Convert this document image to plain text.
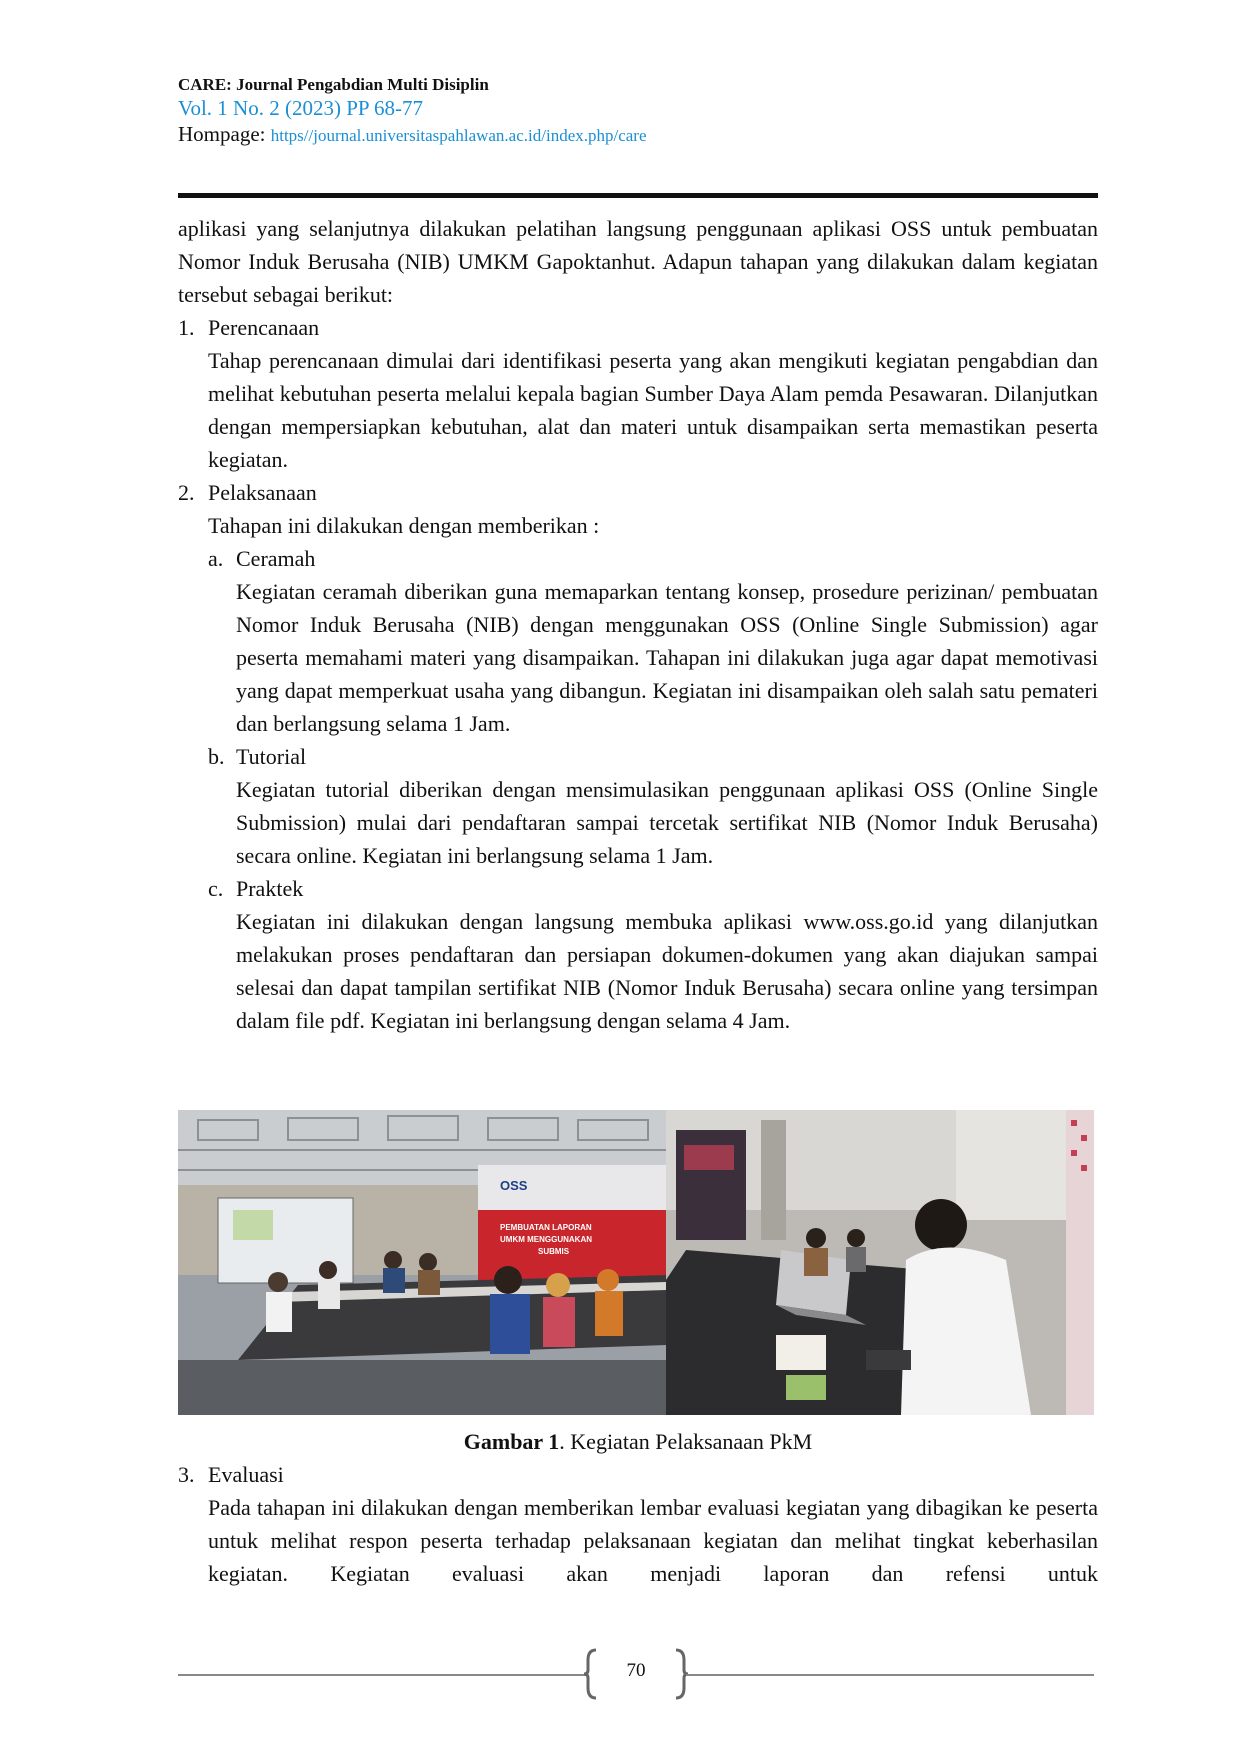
CARE: Journal Pengabdian Multi Disiplin
Vol. 1 No. 2 (2023) PP 68-77
Hompage: https//journal.universitaspahlawan.ac.id/index.php/care

aplikasi yang selanjutnya dilakukan pelatihan langsung penggunaan aplikasi OSS untuk pembuatan Nomor Induk Berusaha (NIB) UMKM Gapoktanhut. Adapun tahapan yang dilakukan dalam kegiatan tersebut sebagai berikut:

1. Perencanaan

Tahap perencanaan dimulai dari identifikasi peserta yang akan mengikuti kegiatan pengabdian dan melihat kebutuhan peserta melalui kepala bagian Sumber Daya Alam pemda Pesawaran. Dilanjutkan dengan mempersiapkan kebutuhan, alat dan materi untuk disampaikan serta memastikan peserta kegiatan.

2. Pelaksanaan

Tahapan ini dilakukan dengan memberikan :

a. Ceramah

Kegiatan ceramah diberikan guna memaparkan tentang konsep, prosedure perizinan/ pembuatan Nomor Induk Berusaha (NIB) dengan menggunakan OSS (Online Single Submission) agar peserta memahami materi yang disampaikan. Tahapan ini dilakukan juga agar dapat memotivasi yang dapat memperkuat usaha yang dibangun. Kegiatan ini disampaikan oleh salah satu pemateri dan berlangsung selama 1 Jam.

b. Tutorial

Kegiatan tutorial diberikan dengan mensimulasikan penggunaan aplikasi OSS (Online Single Submission) mulai dari pendaftaran sampai tercetak sertifikat NIB (Nomor Induk Berusaha) secara online. Kegiatan ini berlangsung selama 1 Jam.

c. Praktek

Kegiatan ini dilakukan dengan langsung membuka aplikasi www.oss.go.id yang dilanjutkan melakukan proses pendaftaran dan persiapan dokumen-dokumen yang akan diajukan sampai selesai dan dapat tampilan sertifikat NIB (Nomor Induk Berusaha) secara online yang tersimpan dalam file pdf. Kegiatan ini berlangsung dengan selama 4 Jam.

OSS
PEMBUATAN LAPORAN
UMKM MENGGUNAKAN
SUBMIS
Gambar 1. Kegiatan Pelaksanaan PkM
3. Evaluasi

Pada tahapan ini dilakukan dengan memberikan lembar evaluasi kegiatan yang dibagikan ke peserta untuk melihat respon peserta terhadap pelaksanaan kegiatan dan melihat tingkat keberhasilan kegiatan. Kegiatan evaluasi akan menjadi laporan dan refensi untuk

70
